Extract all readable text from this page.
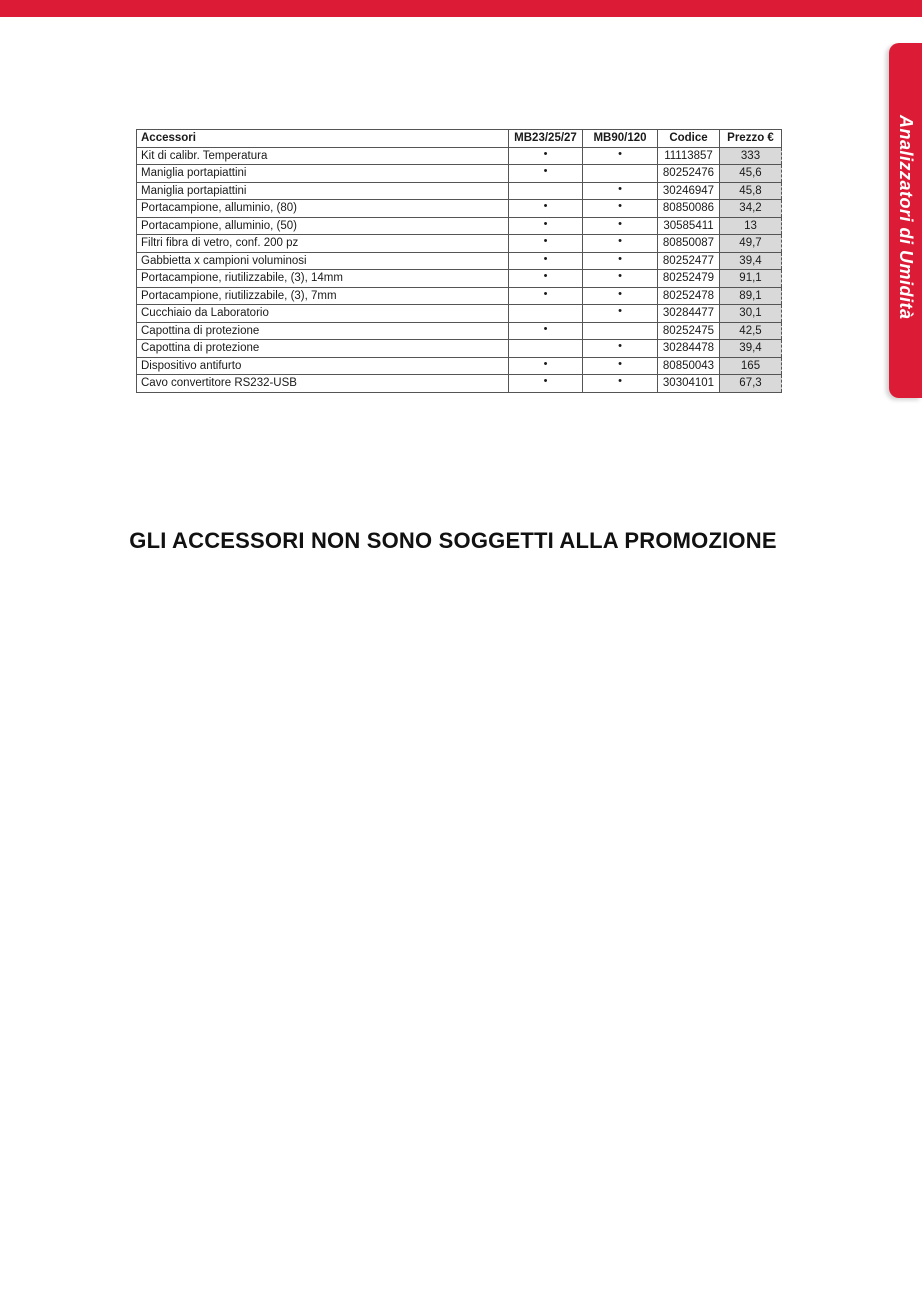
Analizzatori di Umidità
Accessori	MB23/25/27	MB90/120	Codice	Prezzo €
Kit di calibr. Temperatura	•	•	11113857	333
Maniglia portapiattini	•		80252476	45,6
Maniglia portapiattini		•	30246947	45,8
Portacampione, alluminio, (80)	•	•	80850086	34,2
Portacampione, alluminio, (50)	•	•	30585411	13
Filtri fibra di vetro, conf. 200 pz	•	•	80850087	49,7
Gabbietta x campioni voluminosi	•	•	80252477	39,4
Portacampione, riutilizzabile, (3), 14mm	•	•	80252479	91,1
Portacampione, riutilizzabile, (3), 7mm	•	•	80252478	89,1
Cucchiaio da Laboratorio		•	30284477	30,1
Capottina di protezione	•		80252475	42,5
Capottina di protezione		•	30284478	39,4
Dispositivo antifurto	•	•	80850043	165
Cavo convertitore RS232-USB	•	•	30304101	67,3
GLI ACCESSORI NON SONO SOGGETTI ALLA PROMOZIONE
